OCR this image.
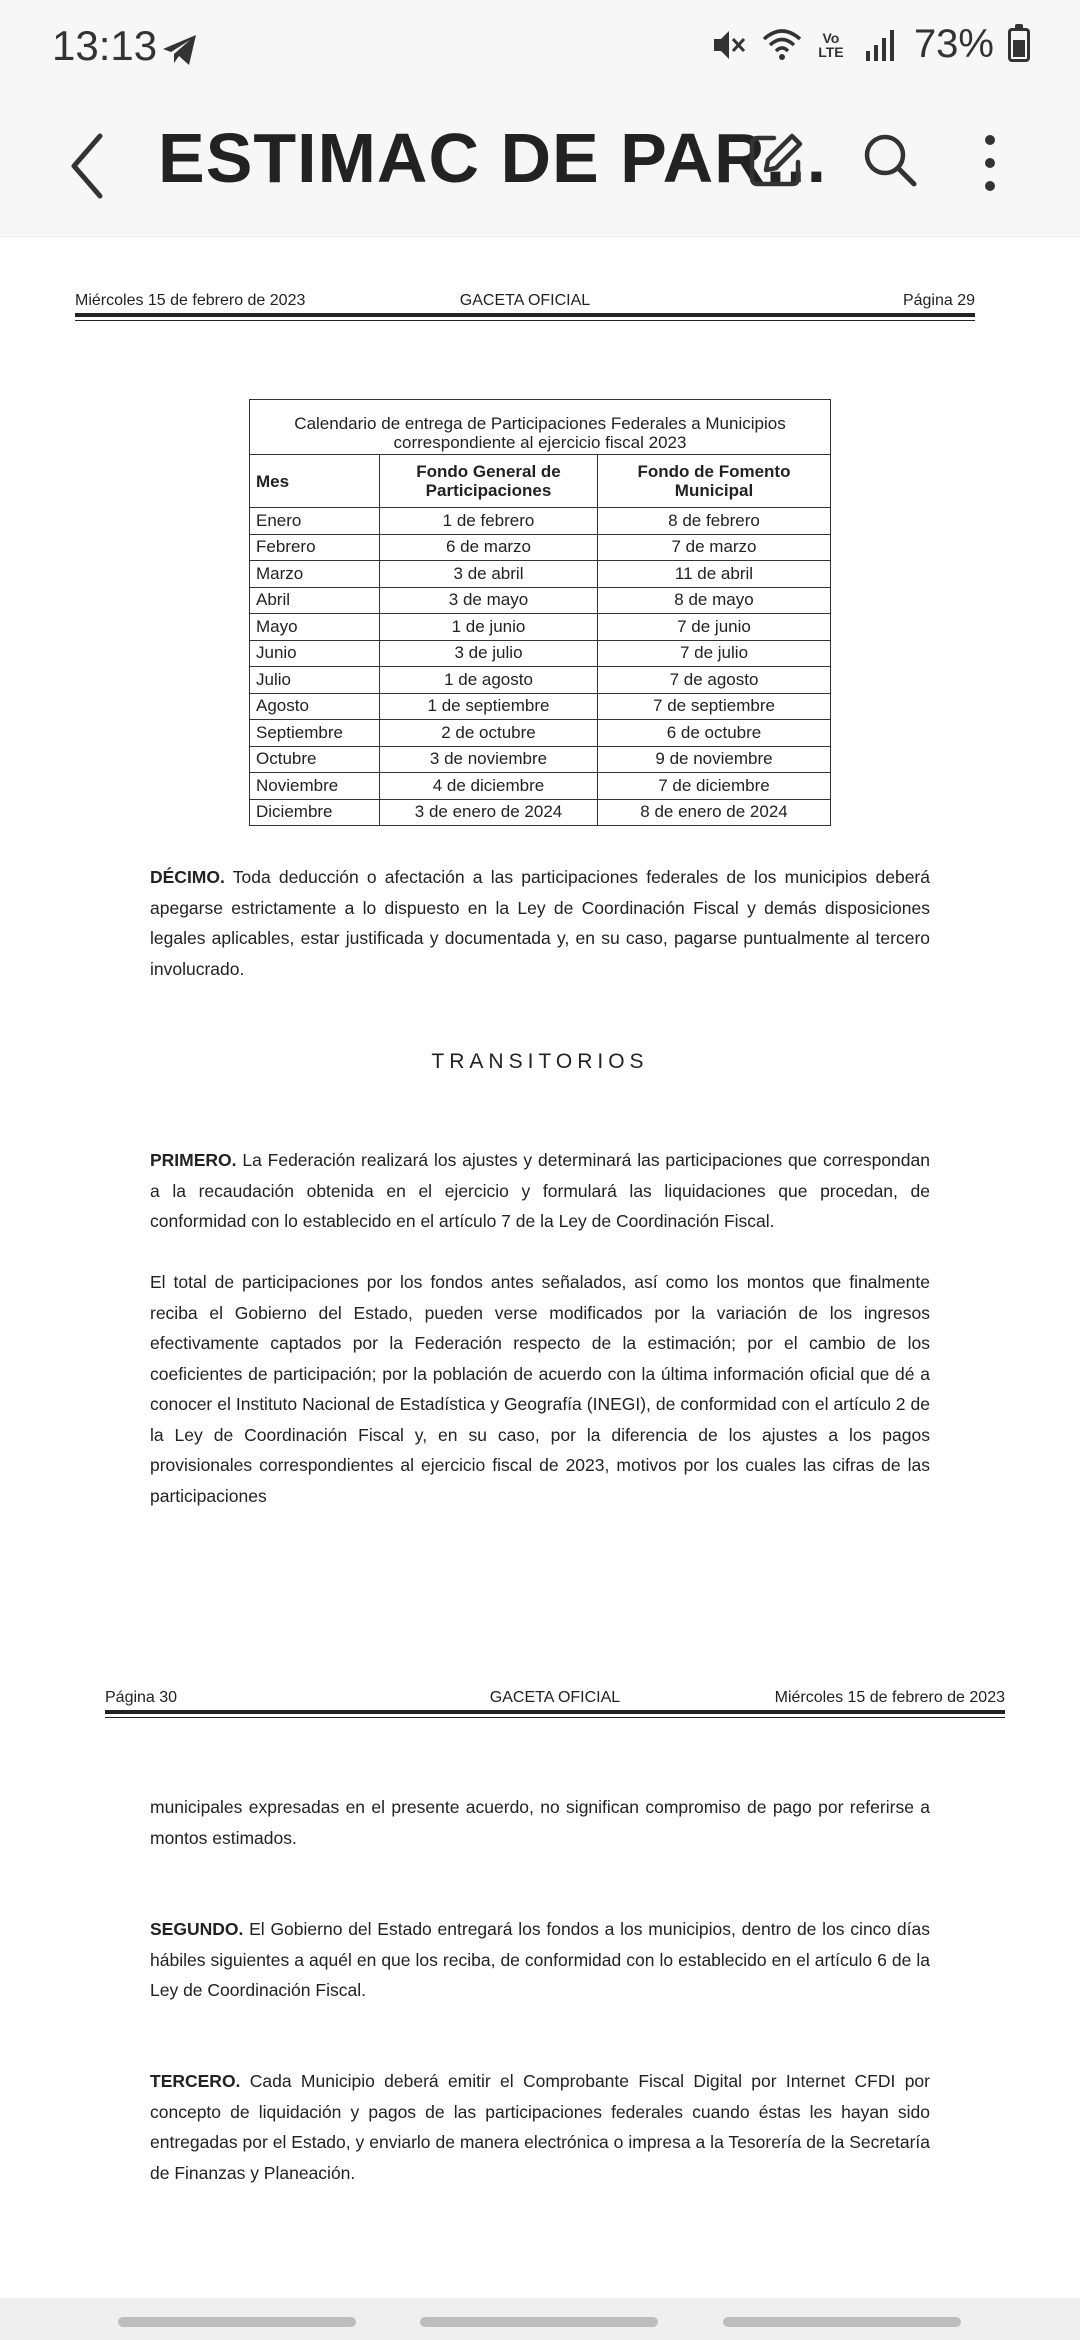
13:13	Vo LTE 73%
ESTIMAC DE PAR...
Miércoles 15 de febrero de 2023	GACETA OFICIAL	Página 29
Calendario de entrega de Participaciones Federales a Municipios
correspondiente al ejercicio fiscal 2023		

Mes	Fondo General de Participaciones	Fondo de Fomento Municipal
Enero	1 de febrero	8 de febrero
Febrero	6 de marzo	7 de marzo
Marzo	3 de abril	11 de abril
Abril	3 de mayo	8 de mayo
Mayo	1 de junio	7 de junio
Junio	3 de julio	7 de julio
Julio	1 de agosto	7 de agosto
Agosto	1 de septiembre	7 de septiembre
Septiembre	2 de octubre	6 de octubre
Octubre	3 de noviembre	9 de noviembre
Noviembre	4 de diciembre	7 de diciembre
Diciembre	3 de enero de 2024	8 de enero de 2024
DÉCIMO. Toda deducción o afectación a las participaciones federales de los municipios deberá apegarse estrictamente a lo dispuesto en la Ley de Coordinación Fiscal y demás disposiciones legales aplicables, estar justificada y documentada y, en su caso, pagarse puntualmente al tercero involucrado.
TRANSITORIOS
PRIMERO. La Federación realizará los ajustes y determinará las participaciones que correspondan a la recaudación obtenida en el ejercicio y formulará las liquidaciones que procedan, de conformidad con lo establecido en el artículo 7 de la Ley de Coordinación Fiscal.
El total de participaciones por los fondos antes señalados, así como los montos que finalmente reciba el Gobierno del Estado, pueden verse modificados por la variación de los ingresos efectivamente captados por la Federación respecto de la estimación; por el cambio de los coeficientes de participación; por la población de acuerdo con la última información oficial que dé a conocer el Instituto Nacional de Estadística y Geografía (INEGI), de conformidad con el artículo 2 de la Ley de Coordinación Fiscal y, en su caso, por la diferencia de los ajustes a los pagos provisionales correspondientes al ejercicio fiscal de 2023, motivos por los cuales las cifras de las participaciones
Página 30	GACETA OFICIAL	Miércoles 15 de febrero de 2023
municipales expresadas en el presente acuerdo, no significan compromiso de pago por referirse a montos estimados.
SEGUNDO. El Gobierno del Estado entregará los fondos a los municipios, dentro de los cinco días hábiles siguientes a aquél en que los reciba, de conformidad con lo establecido en el artículo 6 de la Ley de Coordinación Fiscal.
TERCERO. Cada Municipio deberá emitir el Comprobante Fiscal Digital por Internet CFDI por concepto de liquidación y pagos de las participaciones federales cuando éstas les hayan sido entregadas por el Estado, y enviarlo de manera electrónica o impresa a la Tesorería de la Secretaría de Finanzas y Planeación.
